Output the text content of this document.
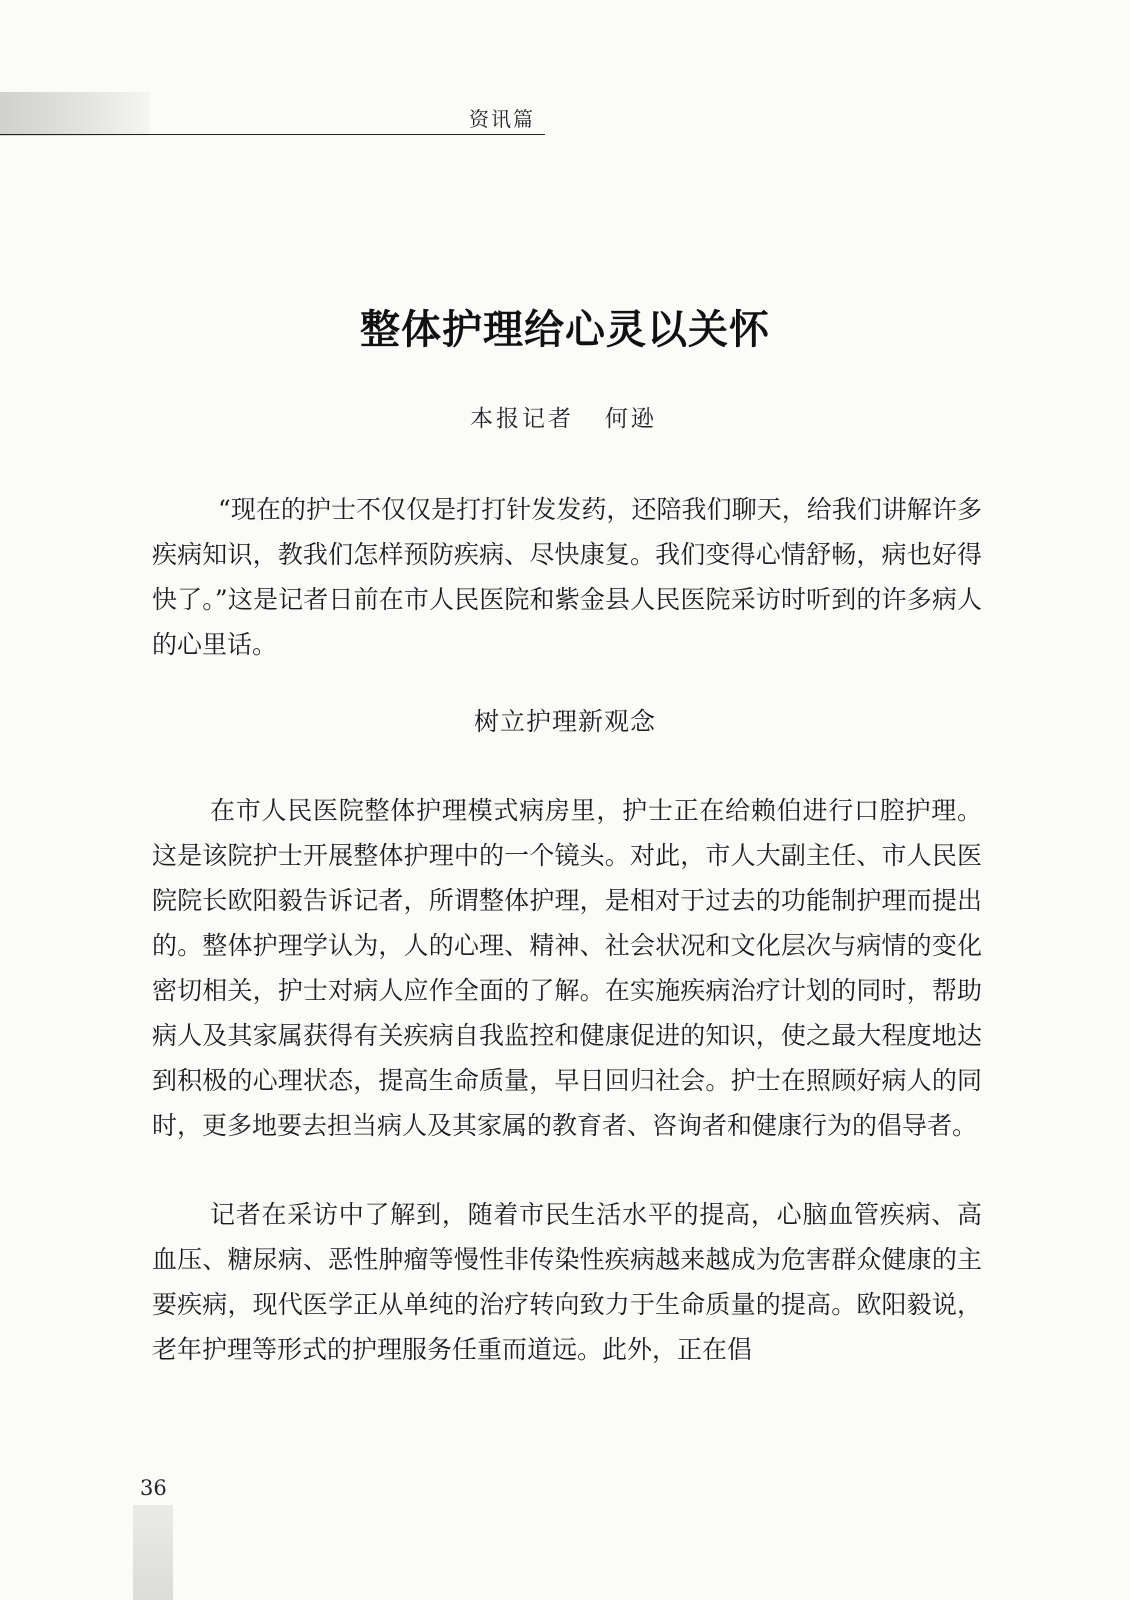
资讯篇
整体护理给心灵以关怀
本报记者   何逊

“现在的护士不仅仅是打打针发发药，还陪我们聊天，给我们讲解许多疾病知识，教我们怎样预防疾病、尽快康复。我们变得心情舒畅，病也好得快了。”这是记者日前在市人民医院和紫金县人民医院采访时听到的许多病人的心里话。

树立护理新观念

在市人民医院整体护理模式病房里，护士正在给赖伯进行口腔护理。这是该院护士开展整体护理中的一个镜头。对此，市人大副主任、市人民医院院长欧阳毅告诉记者，所谓整体护理，是相对于过去的功能制护理而提出的。整体护理学认为，人的心理、精神、社会状况和文化层次与病情的变化密切相关，护士对病人应作全面的了解。在实施疾病治疗计划的同时，帮助病人及其家属获得有关疾病自我监控和健康促进的知识，使之最大程度地达到积极的心理状态，提高生命质量，早日回归社会。护士在照顾好病人的同时，更多地要去担当病人及其家属的教育者、咨询者和健康行为的倡导者。

记者在采访中了解到，随着市民生活水平的提高，心脑血管疾病、高血压、糖尿病、恶性肿瘤等慢性非传染性疾病越来越成为危害群众健康的主要疾病，现代医学正从单纯的治疗转向致力于生命质量的提高。欧阳毅说，老年护理等形式的护理服务任重而道远。此外，正在倡

36
